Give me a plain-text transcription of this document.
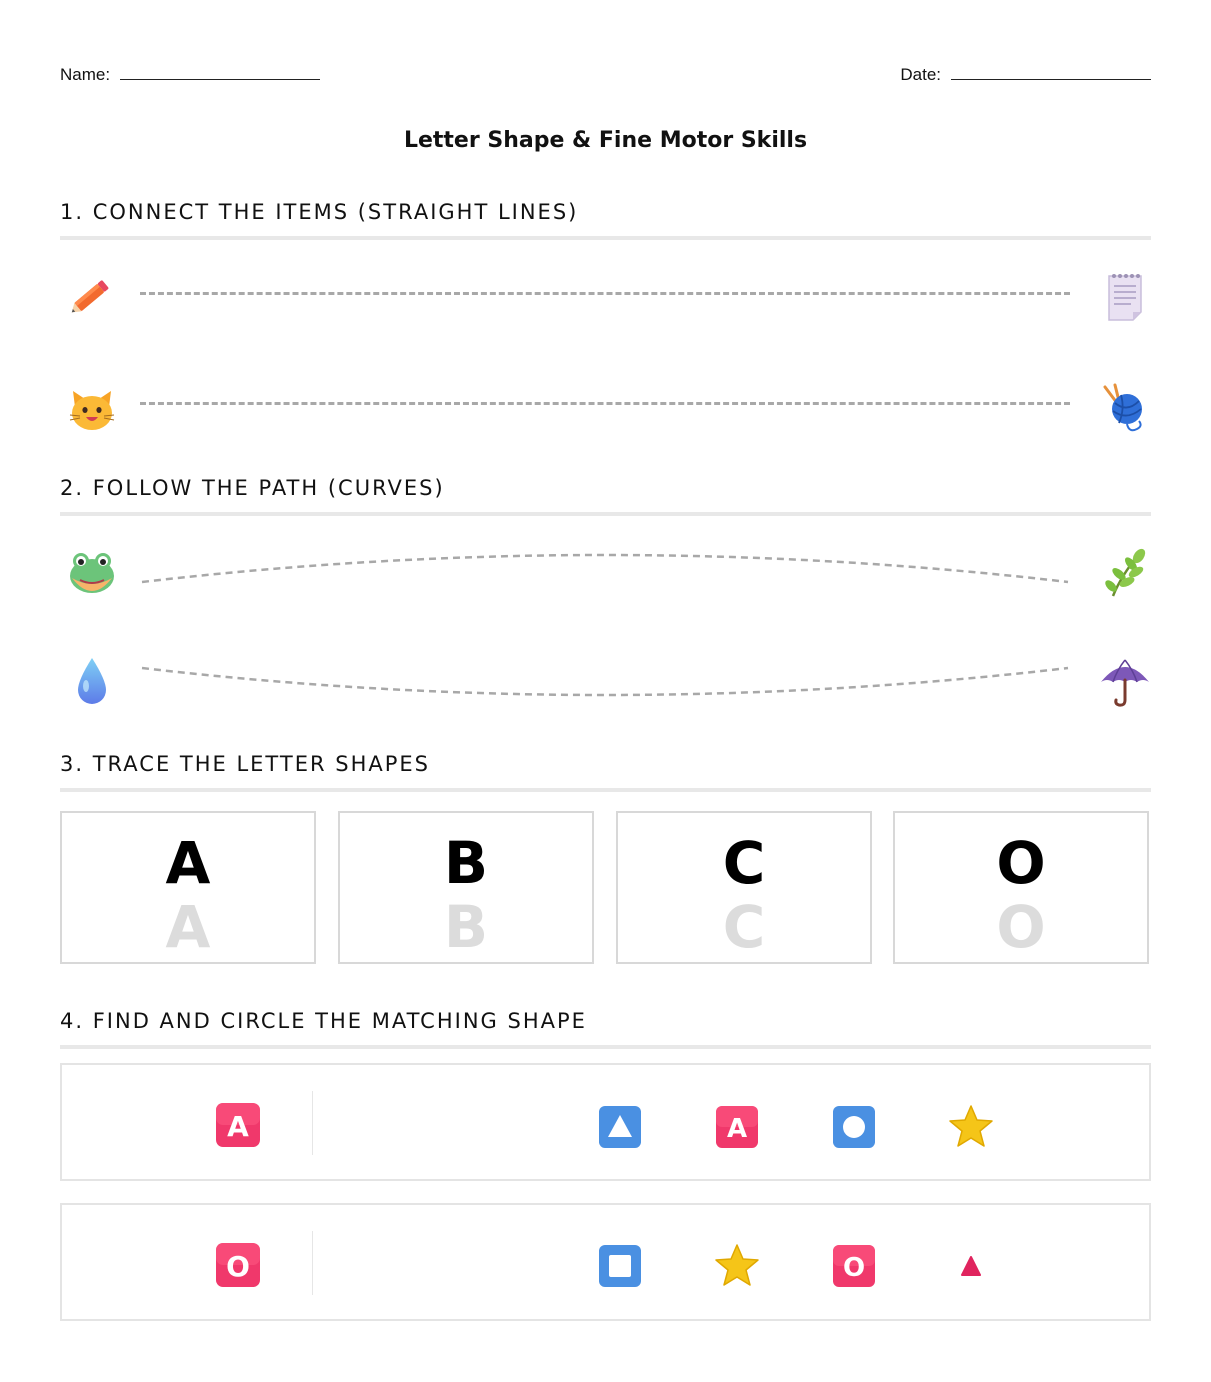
Name:	Date:
Letter Shape & Fine Motor Skills
1. CONNECT THE ITEMS (STRAIGHT LINES)
2. FOLLOW THE PATH (CURVES)
3. TRACE THE LETTER SHAPES
A
A
B
B
C
C
O
O
4. FIND AND CIRCLE THE MATCHING SHAPE
A	A
O	O
